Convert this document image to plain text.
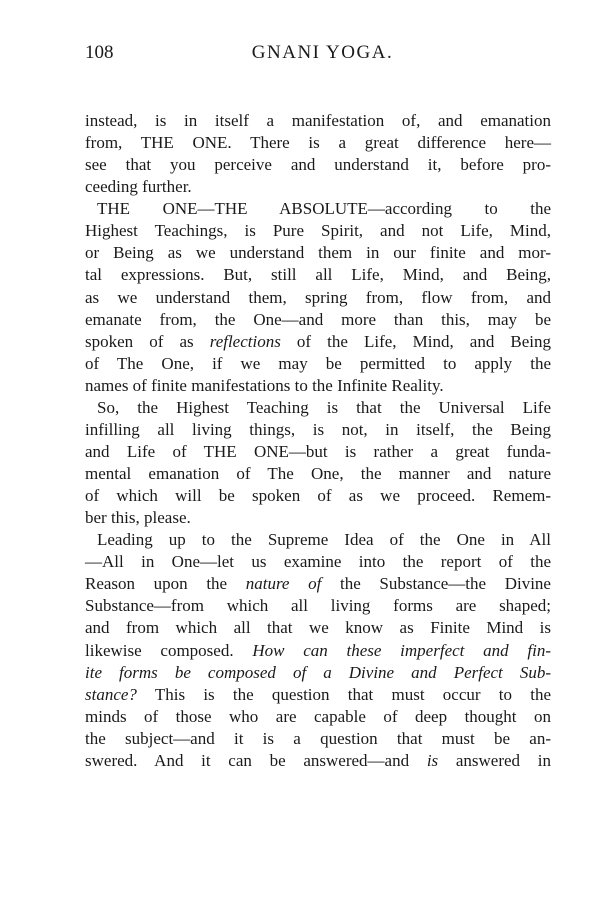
108	GNANI YOGA.
instead, is in itself a manifestation of, and emanation
from, THE ONE. There is a great difference here—
see that you perceive and understand it, before pro-
ceeding further.
THE ONE—THE ABSOLUTE—according to the
Highest Teachings, is Pure Spirit, and not Life, Mind,
or Being as we understand them in our finite and mor-
tal expressions. But, still all Life, Mind, and Being,
as we understand them, spring from, flow from, and
emanate from, the One—and more than this, may be
spoken of as reflections of the Life, Mind, and Being
of The One, if we may be permitted to apply the
names of finite manifestations to the Infinite Reality.
So, the Highest Teaching is that the Universal Life
infilling all living things, is not, in itself, the Being
and Life of THE ONE—but is rather a great funda-
mental emanation of The One, the manner and nature
of which will be spoken of as we proceed. Remem-
ber this, please.
Leading up to the Supreme Idea of the One in All
—All in One—let us examine into the report of the
Reason upon the nature of the Substance—the Divine
Substance—from which all living forms are shaped;
and from which all that we know as Finite Mind is
likewise composed. How can these imperfect and fin-
ite forms be composed of a Divine and Perfect Sub-
stance? This is the question that must occur to the
minds of those who are capable of deep thought on
the subject—and it is a question that must be an-
swered. And it can be answered—and is answered in
